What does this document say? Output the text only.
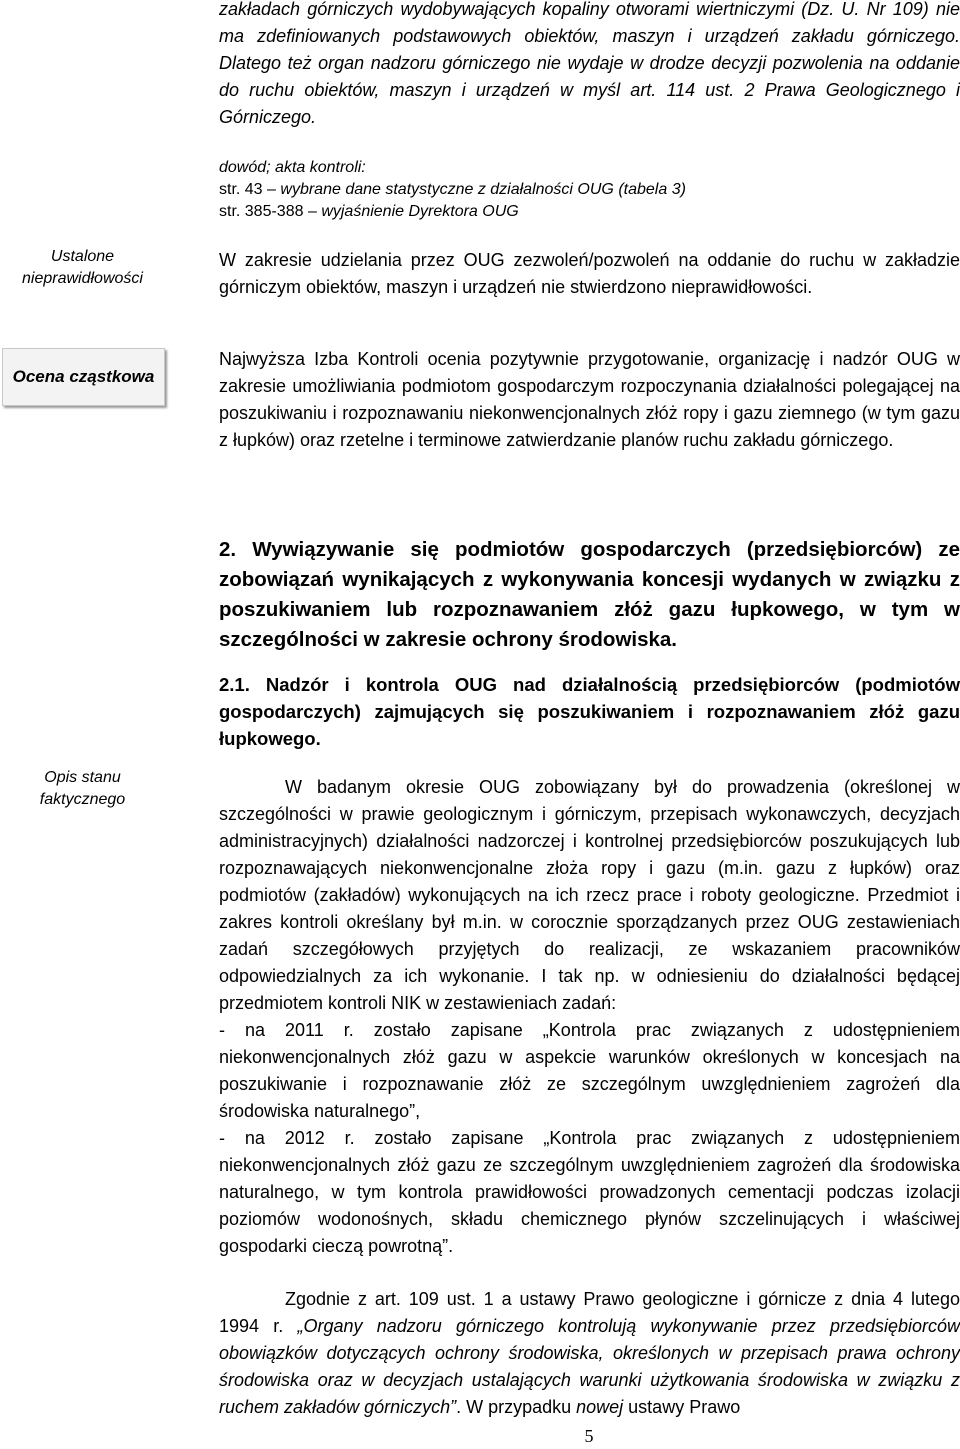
zakładach górniczych wydobywających kopaliny otworami wiertniczymi (Dz. U. Nr 109) nie ma zdefiniowanych podstawowych obiektów, maszyn i urządzeń zakładu górniczego. Dlatego też organ nadzoru górniczego nie wydaje w drodze decyzji pozwolenia na oddanie do ruchu obiektów, maszyn i urządzeń w myśl art. 114 ust. 2 Prawa Geologicznego i Górniczego.

dowód; akta kontroli:
str. 43 – wybrane dane statystyczne z działalności OUG (tabela 3)
str. 385-388 – wyjaśnienie Dyrektora OUG

Ustalone nieprawidłowości

W zakresie udzielania przez OUG zezwoleń/pozwoleń na oddanie do ruchu w zakładzie górniczym obiektów, maszyn i urządzeń nie stwierdzono nieprawidłowości.

Ocena cząstkowa

Najwyższa Izba Kontroli ocenia pozytywnie przygotowanie, organizację i nadzór OUG w zakresie umożliwiania podmiotom gospodarczym rozpoczynania działalności polegającej na poszukiwaniu i rozpoznawaniu niekonwencjonalnych złóż ropy i gazu ziemnego (w tym gazu z łupków) oraz rzetelne i terminowe zatwierdzanie planów ruchu zakładu górniczego.

Opis stanu faktycznego

2. Wywiązywanie się podmiotów gospodarczych (przedsiębiorców) ze zobowiązań wynikających z wykonywania koncesji wydanych w związku z poszukiwaniem lub rozpoznawaniem złóż gazu łupkowego, w tym w szczególności w zakresie ochrony środowiska.

2.1. Nadzór i kontrola OUG nad działalnością przedsiębiorców (podmiotów gospodarczych) zajmujących się poszukiwaniem i rozpoznawaniem złóż gazu łupkowego.

W badanym okresie OUG zobowiązany był do prowadzenia (określonej w szczególności w prawie geologicznym i górniczym, przepisach wykonawczych, decyzjach administracyjnych) działalności nadzorczej i kontrolnej przedsiębiorców poszukujących lub rozpoznawających niekonwencjonalne złoża ropy i gazu (m.in. gazu z łupków) oraz podmiotów (zakładów) wykonujących na ich rzecz prace i roboty geologiczne. Przedmiot i zakres kontroli określany był m.in. w corocznie sporządzanych przez OUG zestawieniach zadań szczegółowych przyjętych do realizacji, ze wskazaniem pracowników odpowiedzialnych za ich wykonanie. I tak np. w odniesieniu do działalności będącej przedmiotem kontroli NIK w zestawieniach zadań:

- na 2011 r. zostało zapisane „Kontrola prac związanych z udostępnieniem niekonwencjonalnych złóż gazu w aspekcie warunków określonych w koncesjach na poszukiwanie i rozpoznawanie złóż ze szczególnym uwzględnieniem zagrożeń dla środowiska naturalnego”,

- na 2012 r. zostało zapisane „Kontrola prac związanych z udostępnieniem niekonwencjonalnych złóż gazu ze szczególnym uwzględnieniem zagrożeń dla środowiska naturalnego, w tym kontrola prawidłowości prowadzonych cementacji podczas izolacji poziomów wodonośnych, składu chemicznego płynów szczelinujących i właściwej gospodarki cieczą powrotną”.

Zgodnie z art. 109 ust. 1 a ustawy Prawo geologiczne i górnicze z dnia 4 lutego 1994 r. „Organy nadzoru górniczego kontrolują wykonywanie przez przedsiębiorców obowiązków dotyczących ochrony środowiska, określonych w przepisach prawa ochrony środowiska oraz w decyzjach ustalających warunki użytkowania środowiska w związku z ruchem zakładów górniczych”. W przypadku nowej ustawy Prawo

5
